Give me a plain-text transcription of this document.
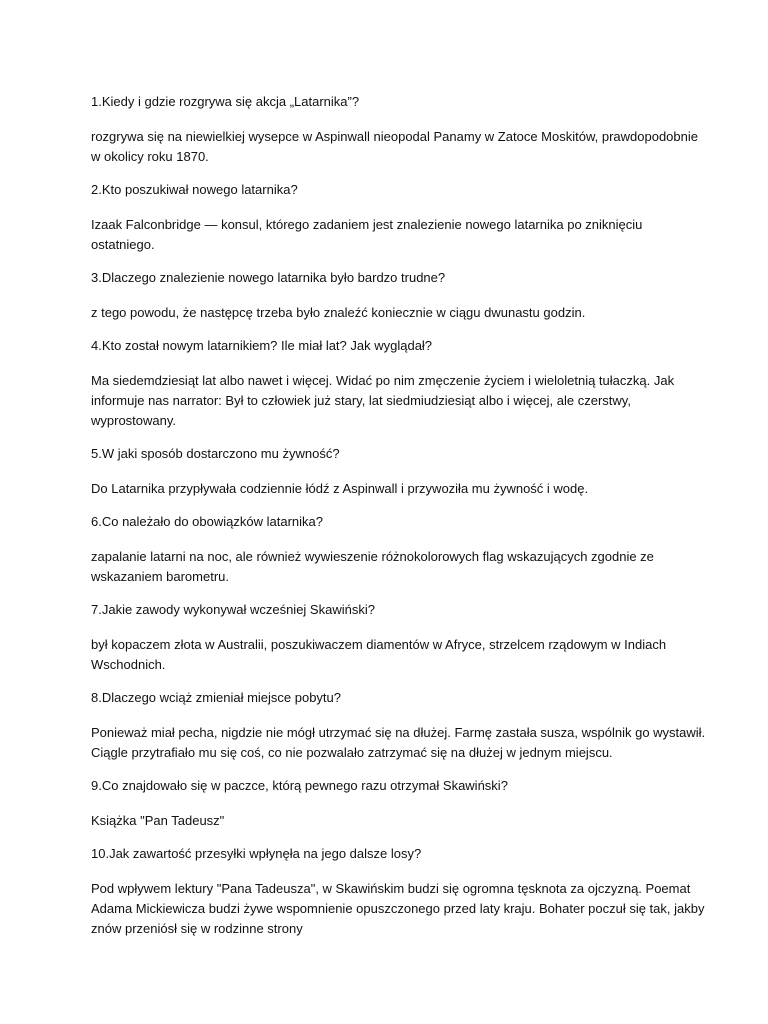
1.Kiedy i gdzie rozgrywa się akcja „Latarnika”?

rozgrywa się na niewielkiej wysepce w Aspinwall nieopodal Panamy w Zatoce Moskitów, prawdopodobnie w okolicy roku 1870.

2.Kto poszukiwał nowego latarnika?

Izaak Falconbridge — konsul, którego zadaniem jest znalezienie nowego latarnika po zniknięciu ostatniego.

3.Dlaczego znalezienie nowego latarnika było bardzo trudne?

z tego powodu, że następcę trzeba było znaleźć koniecznie w ciągu dwunastu godzin.

4.Kto został nowym latarnikiem? Ile miał lat? Jak wyglądał?

Ma siedemdziesiąt lat albo nawet i więcej. Widać po nim zmęczenie życiem i wieloletnią tułaczką. Jak informuje nas narrator: Był to człowiek już stary, lat siedmiudziesiąt albo i więcej, ale czerstwy, wyprostowany.

5.W jaki sposób dostarczono mu żywność?

Do Latarnika przypływała codziennie łódź z Aspinwall i przywoziła mu żywność i wodę.

6.Co należało do obowiązków latarnika?

zapalanie latarni na noc, ale również wywieszenie różnokolorowych flag wskazujących zgodnie ze wskazaniem barometru.

7.Jakie zawody wykonywał wcześniej Skawiński?

był kopaczem złota w Australii, poszukiwaczem diamentów w Afryce, strzelcem rządowym w Indiach Wschodnich.

8.Dlaczego wciąż zmieniał miejsce pobytu?

Ponieważ miał pecha, nigdzie nie mógł utrzymać się na dłużej. Farmę zastała susza, wspólnik go wystawił. Ciągle przytrafiało mu się coś, co nie pozwalało zatrzymać się na dłużej w jednym miejscu.

9.Co znajdowało się w paczce, którą pewnego razu otrzymał Skawiński?

Książka "Pan Tadeusz"

10.Jak zawartość przesyłki wpłynęła na jego dalsze losy?

Pod wpływem lektury "Pana Tadeusza", w Skawińskim budzi się ogromna tęsknota za ojczyzną. Poemat Adama Mickiewicza budzi żywe wspomnienie opuszczonego przed laty kraju. Bohater poczuł się tak, jakby znów przeniósł się w rodzinne strony
